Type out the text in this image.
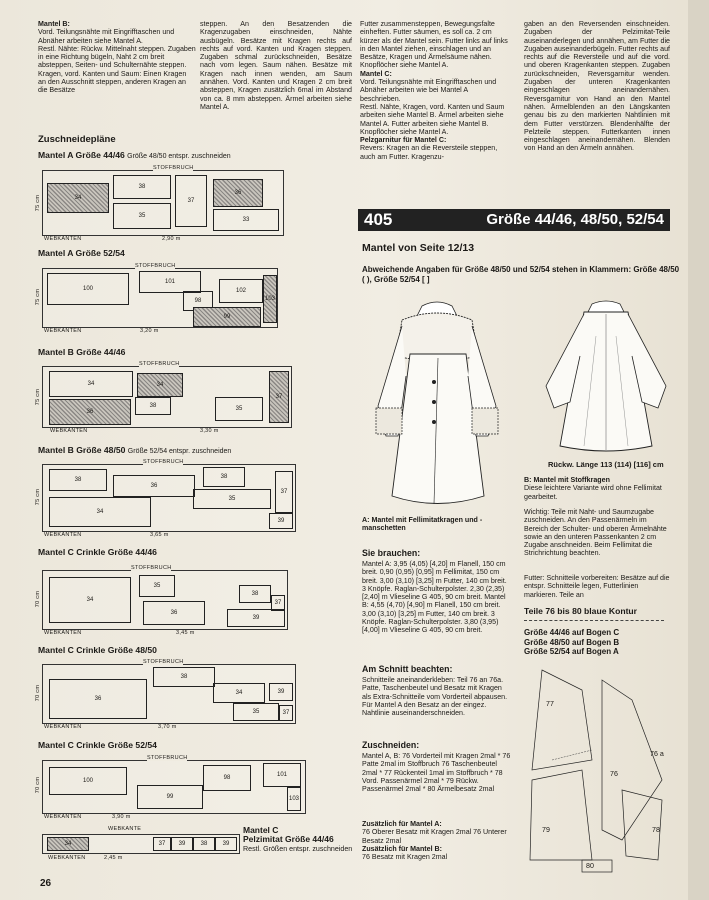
Mantel B:
Vord. Teilungsnähte mit Eingrifftaschen und Abnäher arbeiten siehe Mantel A.
Restl. Nähte: Rückw. Mittelnaht steppen. Zugaben in eine Richtung bügeln, Naht 2 cm breit absteppen, Seiten- und Schulternähte steppen.
Kragen, vord. Kanten und Saum: Einen Kragen an den Ausschnitt steppen, anderen Kragen an die Besätze
steppen. An den Besatzenden die Kragenzugaben einschneiden, Nähte ausbügeln. Besätze mit Kragen rechts auf rechts auf vord. Kanten und Kragen steppen. Zugaben schmal zurückschneiden, Besätze nach vorn legen. Saum nähen. Besätze mit Kragen nach innen wenden, am Saum annähen. Vord. Kanten und Kragen 2 cm breit absteppen, Kragen zusätzlich 6mal im Abstand von ca. 8 mm absteppen. Ärmel arbeiten siehe Mantel A.
Zuschneidepläne
Mantel A Größe 44/46 Größe 48/50 entspr. zuschneiden
STOFFBRUCH
34
38
37
36
35
33
75 cm
WEBKANTEN	2,90 m
Mantel A Größe 52/54
STOFFBRUCH
100
101
98
102
103
99
75 cm
WEBKANTEN	3,20 m
Mantel B Größe 44/46
STOFFBRUCH
34	34
38
36	35
37
75 cm
WEBKANTEN	3,30 m
Mantel B Größe 48/50 Größe 52/54 entspr. zuschneiden
STOFFBRUCH
38	38
36
35
37
34
39
75 cm
WEBKANTEN	3,65 m
Mantel C Crinkle Größe 44/46
STOFFBRUCH
34
35
38
37
36
39
70 cm
WEBKANTEN	3,45 m
Mantel C Crinkle Größe 48/50
STOFFBRUCH
38
36
34	39
35	37
70 cm
WEBKANTEN	3,70 m
Mantel C Crinkle Größe 52/54
STOFFBRUCH
100	98	101
99	103
70 cm
WEBKANTEN	3,90 m
WEBKANTE
34	37 39	38	39
WEBKANTEN	2,45 m
Mantel C
Pelzimitat Größe 44/46
Restl. Größen entspr. zuschneiden
26
Futter zusammensteppen, Bewegungsfalte einheften. Futter säumen, es soll ca. 2 cm kürzer als der Mantel sein. Futter links auf links in den Mantel ziehen, einschlagen und an Besätze, Kragen und Ärmelsäume nähen. Knopflöcher siehe Mantel A.
Mantel C:
Vord. Teilungsnähte mit Eingrifftaschen und Abnäher arbeiten wie bei Mantel A beschrieben.
Restl. Nähte, Kragen, vord. Kanten und Saum arbeiten siehe Mantel B. Ärmel arbeiten siehe Mantel A. Futter arbeiten siehe Mantel B. Knopflöcher siehe Mantel A.
Pelzgarnitur für Mantel C:
Revers: Kragen an die Reversteile steppen, auch am Futter. Kragenzu-
gaben an den Reversenden einschneiden. Zugaben der Pelzimitat-Teile auseinanderlegen und annähen, am Futter die Zugaben auseinanderbügeln. Futter rechts auf rechts auf die Reversteile und auf die vord. und oberen Kragenkanten steppen. Zugaben zurückschneiden, Reversgarnitur wenden. Zugaben der unteren Kragenkanten eingeschlagen aneinandernähen. Reversgarnitur von Hand an den Mantel nähen. Ärmelblenden an den Längskanten genau bis zu den markierten Nahtlinien mit dem Futter verstürzen. Blendenhälfte der Pelzteile steppen. Futterkanten innen eingeschlagen aneinandernähen. Blenden von Hand an den Ärmeln annähen.
405	Größe 44/46, 48/50, 52/54
Mantel von Seite 12/13
Abweichende Angaben für Größe 48/50 und 52/54 stehen in Klammern: Größe 48/50 ( ), Größe 52/54 [ ]
Rückw. Länge 113 (114) [116] cm
A: Mantel mit Fellimitatkragen und -manschetten
B: Mantel mit Stoffkragen
Diese leichtere Variante wird ohne Fellimitat gearbeitet.
Wichtig: Teile mit Naht- und Saumzugabe zuschneiden. An den Passenärmeln im Bereich der Schulter- und oberen Ärmelnähte sowie an den unteren Passenkanten 2 cm Zugabe anschneiden. Beim Fellimitat die Strichrichtung beachten.
Futter: Schnitteile vorbereiten: Besätze auf die entspr. Schnitteile legen, Futterlinien markieren. Teile an
Sie brauchen:
Mantel A: 3,95 (4,05) [4,20] m Flanell, 150 cm breit. 0,90 (0,95) [0,95] m Fellimitat, 150 cm breit. 3,00 (3,10) [3,25] m Futter, 140 cm breit. 3 Knöpfe. Raglan-Schulterpolster. 2,30 (2,35) [2,40] m Vlieseline G 405, 90 cm breit. Mantel B: 4,55 (4,70) [4,90] m Flanell, 150 cm breit. 3,00 (3,10) [3,25] m Futter, 140 cm breit. 3 Knöpfe. Raglan-Schulterpolster. 3,80 (3,95) [4,00] m Vlieseline G 405, 90 cm breit.
Am Schnitt beachten:
Schnitteile aneinanderkleben: Teil 76 an 76a. Patte, Taschenbeutel und Besatz mit Kragen als Extra-Schnitteile vom Vorderteil abpausen. Für Mantel A den Besatz an der eingez. Nahtlinie auseinanderschneiden.
Zuschneiden:
Mantel A, B: 76 Vorderteil mit Kragen 2mal * 76 Patte 2mal im Stoffbruch 76 Taschenbeutel 2mal * 77 Rückenteil 1mal im Stoffbruch * 78 Vord. Passenärmel 2mal * 79 Rückw. Passenärmel 2mal * 80 Ärmelbesatz 2mal
Zusätzlich für Mantel A:
76 Oberer Besatz mit Kragen 2mal 76 Unterer Besatz 2mal
Zusätzlich für Mantel B:
76 Besatz mit Kragen 2mal
Teile 76 bis 80 blaue Kontur
Größe 44/46 auf Bogen C
Größe 48/50 auf Bogen B
Größe 52/54 auf Bogen A
77
76 a
76
78
79
80
